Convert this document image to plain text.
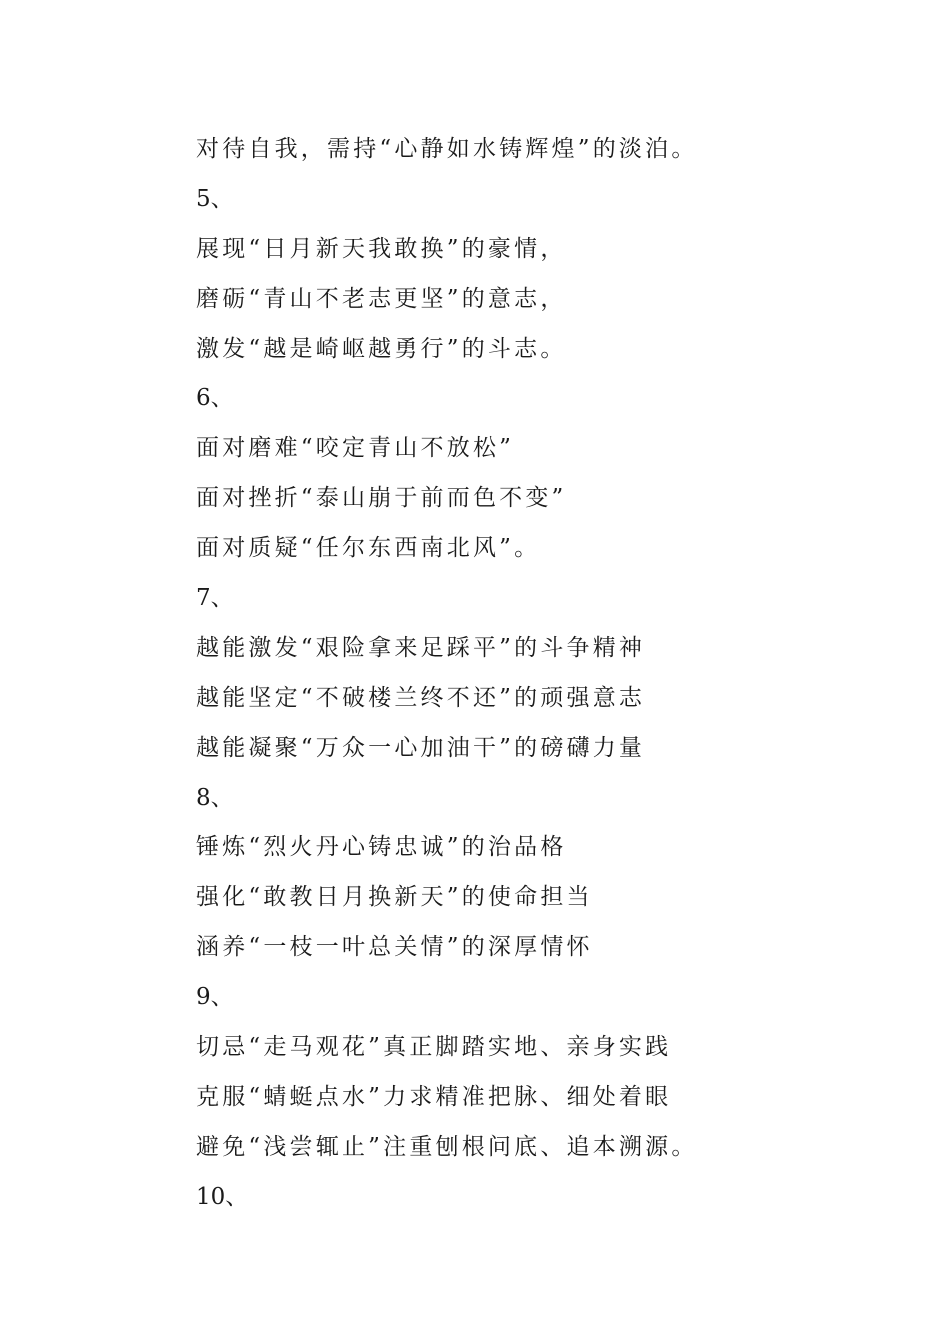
对待自我，需持“心静如水铸辉煌”的淡泊。
5、
展现“日月新天我敢换”的豪情，
磨砺“青山不老志更坚”的意志，
激发“越是崎岖越勇行”的斗志。
6、
面对磨难“咬定青山不放松”
面对挫折“泰山崩于前而色不变”
面对质疑“任尔东西南北风”。
7、
越能激发“艰险拿来足踩平”的斗争精神
越能坚定“不破楼兰终不还”的顽强意志
越能凝聚“万众一心加油干”的磅礴力量
8、
锤炼“烈火丹心铸忠诚”的治品格
强化“敢教日月换新天”的使命担当
涵养“一枝一叶总关情”的深厚情怀
9、
切忌“走马观花”真正脚踏实地、亲身实践
克服“蜻蜓点水”力求精准把脉、细处着眼
避免“浅尝辄止”注重刨根问底、追本溯源。
10、
